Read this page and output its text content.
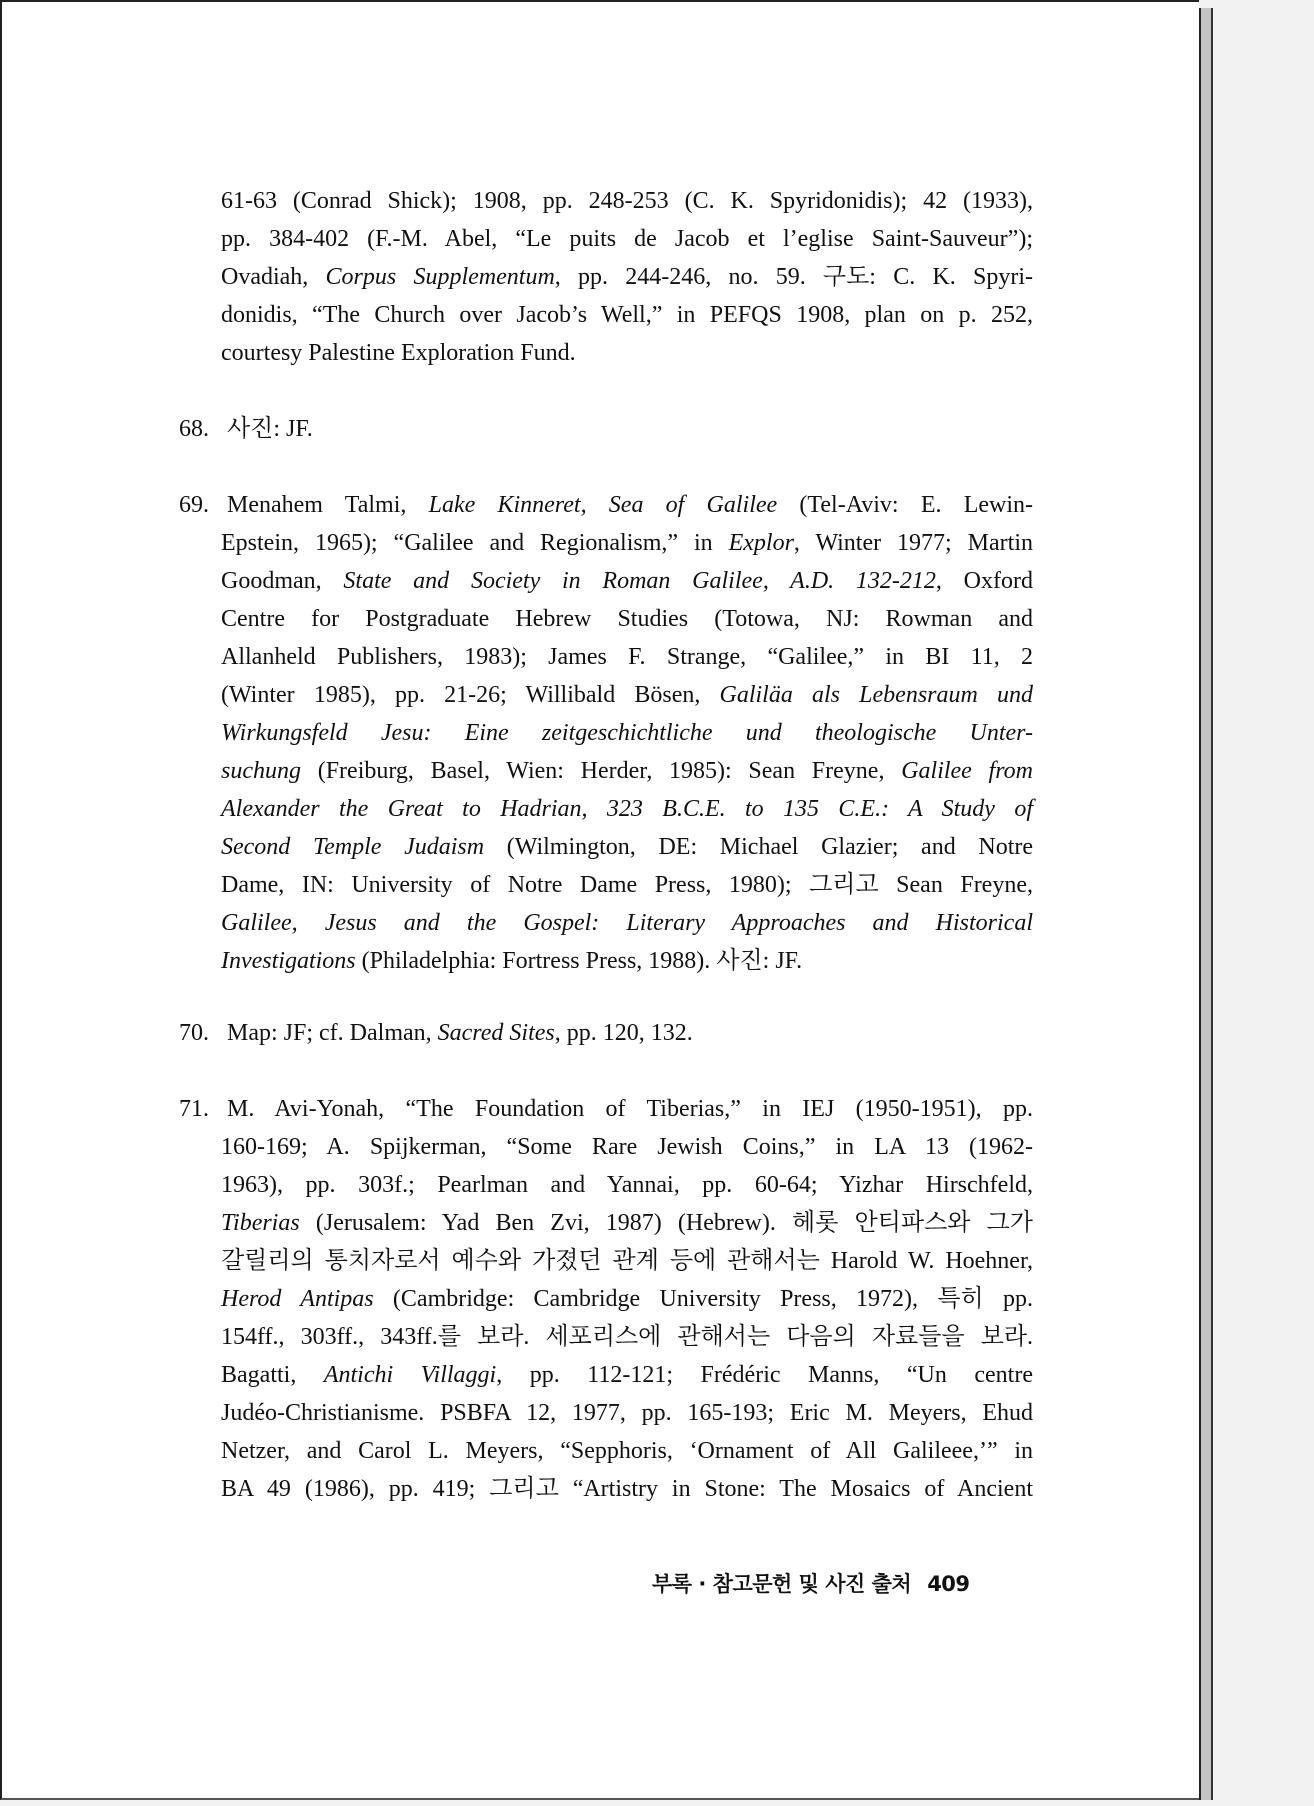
61-63 (Conrad Shick); 1908, pp. 248-253 (C. K. Spyridonidis); 42 (1933),
pp. 384-402 (F.-M. Abel, “Le puits de Jacob et l’eglise Saint-Sauveur”);
Ovadiah, Corpus Supplementum, pp. 244-246, no. 59. 구도: C. K. Spyri-
donidis, “The Church over Jacob’s Well,” in PEFQS 1908, plan on p. 252,
courtesy Palestine Exploration Fund.
68. 사진: JF.
69. Menahem Talmi, Lake Kinneret, Sea of Galilee (Tel-Aviv: E. Lewin-
Epstein, 1965); “Galilee and Regionalism,” in Explor, Winter 1977; Martin
Goodman, State and Society in Roman Galilee, A.D. 132-212, Oxford
Centre for Postgraduate Hebrew Studies (Totowa, NJ: Rowman and
Allanheld Publishers, 1983); James F. Strange, “Galilee,” in BI 11, 2
(Winter 1985), pp. 21-26; Willibald Bösen, Galiläa als Lebensraum und
Wirkungsfeld Jesu: Eine zeitgeschichtliche und theologische Unter-
suchung (Freiburg, Basel, Wien: Herder, 1985): Sean Freyne, Galilee from
Alexander the Great to Hadrian, 323 B.C.E. to 135 C.E.: A Study of
Second Temple Judaism (Wilmington, DE: Michael Glazier; and Notre
Dame, IN: University of Notre Dame Press, 1980); 그리고 Sean Freyne,
Galilee, Jesus and the Gospel: Literary Approaches and Historical
Investigations (Philadelphia: Fortress Press, 1988). 사진: JF.
70. Map: JF; cf. Dalman, Sacred Sites, pp. 120, 132.
71. M. Avi-Yonah, “The Foundation of Tiberias,” in IEJ (1950-1951), pp.
160-169; A. Spijkerman, “Some Rare Jewish Coins,” in LA 13 (1962-
1963), pp. 303f.; Pearlman and Yannai, pp. 60-64; Yizhar Hirschfeld,
Tiberias (Jerusalem: Yad Ben Zvi, 1987) (Hebrew). 헤롯 안티파스와 그가
갈릴리의 통치자로서 예수와 가졌던 관계 등에 관해서는 Harold W. Hoehner,
Herod Antipas (Cambridge: Cambridge University Press, 1972), 특히 pp.
154ff., 303ff., 343ff.를 보라. 세포리스에 관해서는 다음의 자료들을 보라.
Bagatti, Antichi Villaggi, pp. 112-121; Frédéric Manns, “Un centre
Judéo-Christianisme. PSBFA 12, 1977, pp. 165-193; Eric M. Meyers, Ehud
Netzer, and Carol L. Meyers, “Sepphoris, ‘Ornament of All Galileee,’” in
BA 49 (1986), pp. 419; 그리고 “Artistry in Stone: The Mosaics of Ancient
부록 · 참고문헌 및 사진 출처 409
